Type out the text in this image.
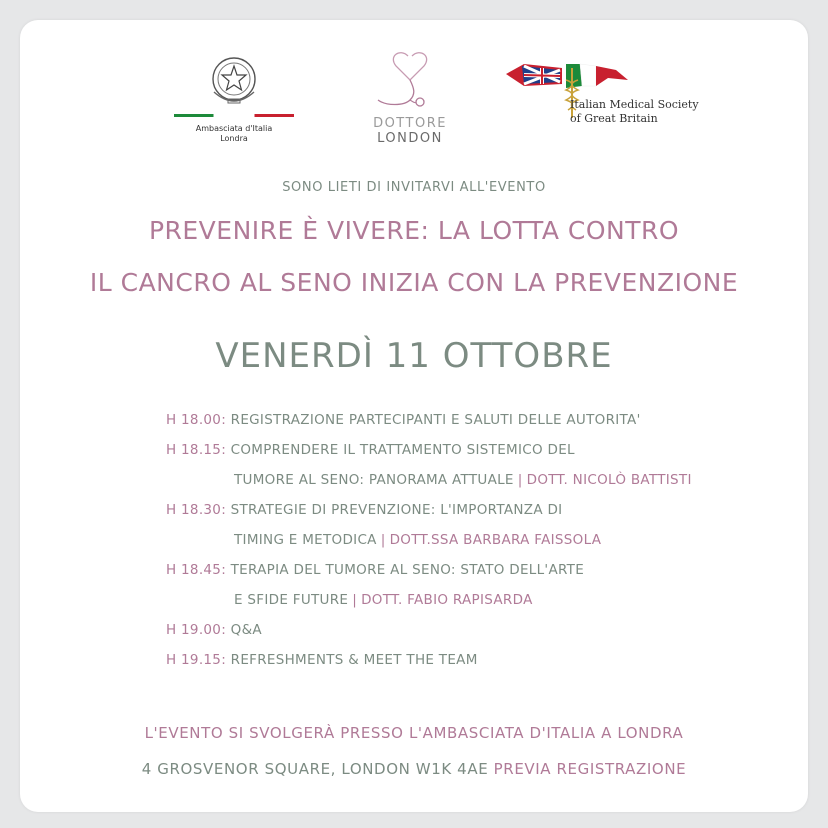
Ambasciata d'Italia
Londra
DOTTORE LONDON
Italian Medical Society
of Great Britain
SONO LIETI DI INVITARVI ALL'EVENTO
PREVENIRE È VIVERE: LA LOTTA CONTRO
IL CANCRO AL SENO INIZIA CON LA PREVENZIONE
VENERDÌ 11 OTTOBRE
H 18.00: REGISTRAZIONE PARTECIPANTI E SALUTI DELLE AUTORITA'
H 18.15: COMPRENDERE IL TRATTAMENTO SISTEMICO DEL
TUMORE AL SENO: PANORAMA ATTUALE | DOTT. NICOLÒ BATTISTI
H 18.30: STRATEGIE DI PREVENZIONE: L'IMPORTANZA DI
TIMING E METODICA | DOTT.SSA BARBARA FAISSOLA
H 18.45: TERAPIA DEL TUMORE AL SENO: STATO DELL'ARTE
E SFIDE FUTURE | DOTT. FABIO RAPISARDA
H 19.00: Q&A
H 19.15: REFRESHMENTS & MEET THE TEAM
L'EVENTO SI SVOLGERÀ PRESSO L'AMBASCIATA D'ITALIA A LONDRA
4 GROSVENOR SQUARE, LONDON W1K 4AE PREVIA REGISTRAZIONE
